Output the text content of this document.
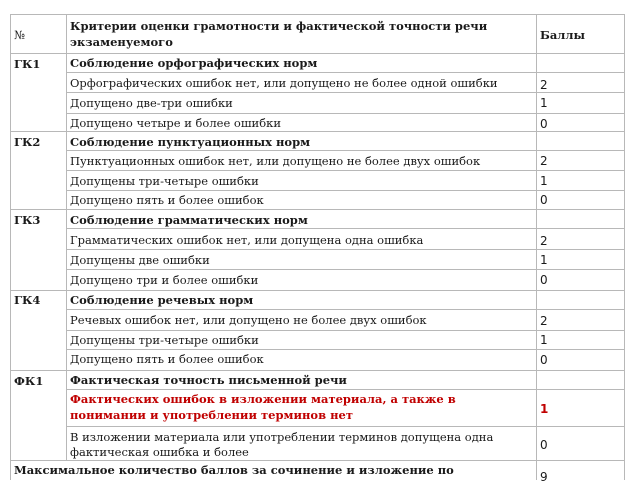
№
Критерии оценки грамотности и фактической точности речи
экзаменуемого	Баллы
ГК1	Соблюдение орфографических норм
Орфографических ошибок нет, или допущено не более одной ошибки	2
Допущено две-три ошибки	1
Допущено четыре и более ошибки	0
ГК2	Соблюдение пунктуационных норм
Пунктуационных ошибок нет, или допущено не более двух ошибок	2
Допущены три-четыре ошибки	1
Допущено пять и более ошибок	0
ГК3	Соблюдение грамматических норм
Грамматических ошибок нет, или допущена одна ошибка	2
Допущены две ошибки	1
Допущено три и более ошибки	0
ГК4	Соблюдение речевых норм
Речевых ошибок нет, или допущено не более двух ошибок	2
Допущены три-четыре ошибки	1
Допущено пять и более ошибок	0
ФК1 Фактическая точность письменной речи
Фактических ошибок в изложении материала, а также в
понимании и употреблении терминов нет	1
В изложении материала или употреблении терминов допущена одна
фактическая ошибка и более	0
Максимальное количество баллов за сочинение и изложение по	9
